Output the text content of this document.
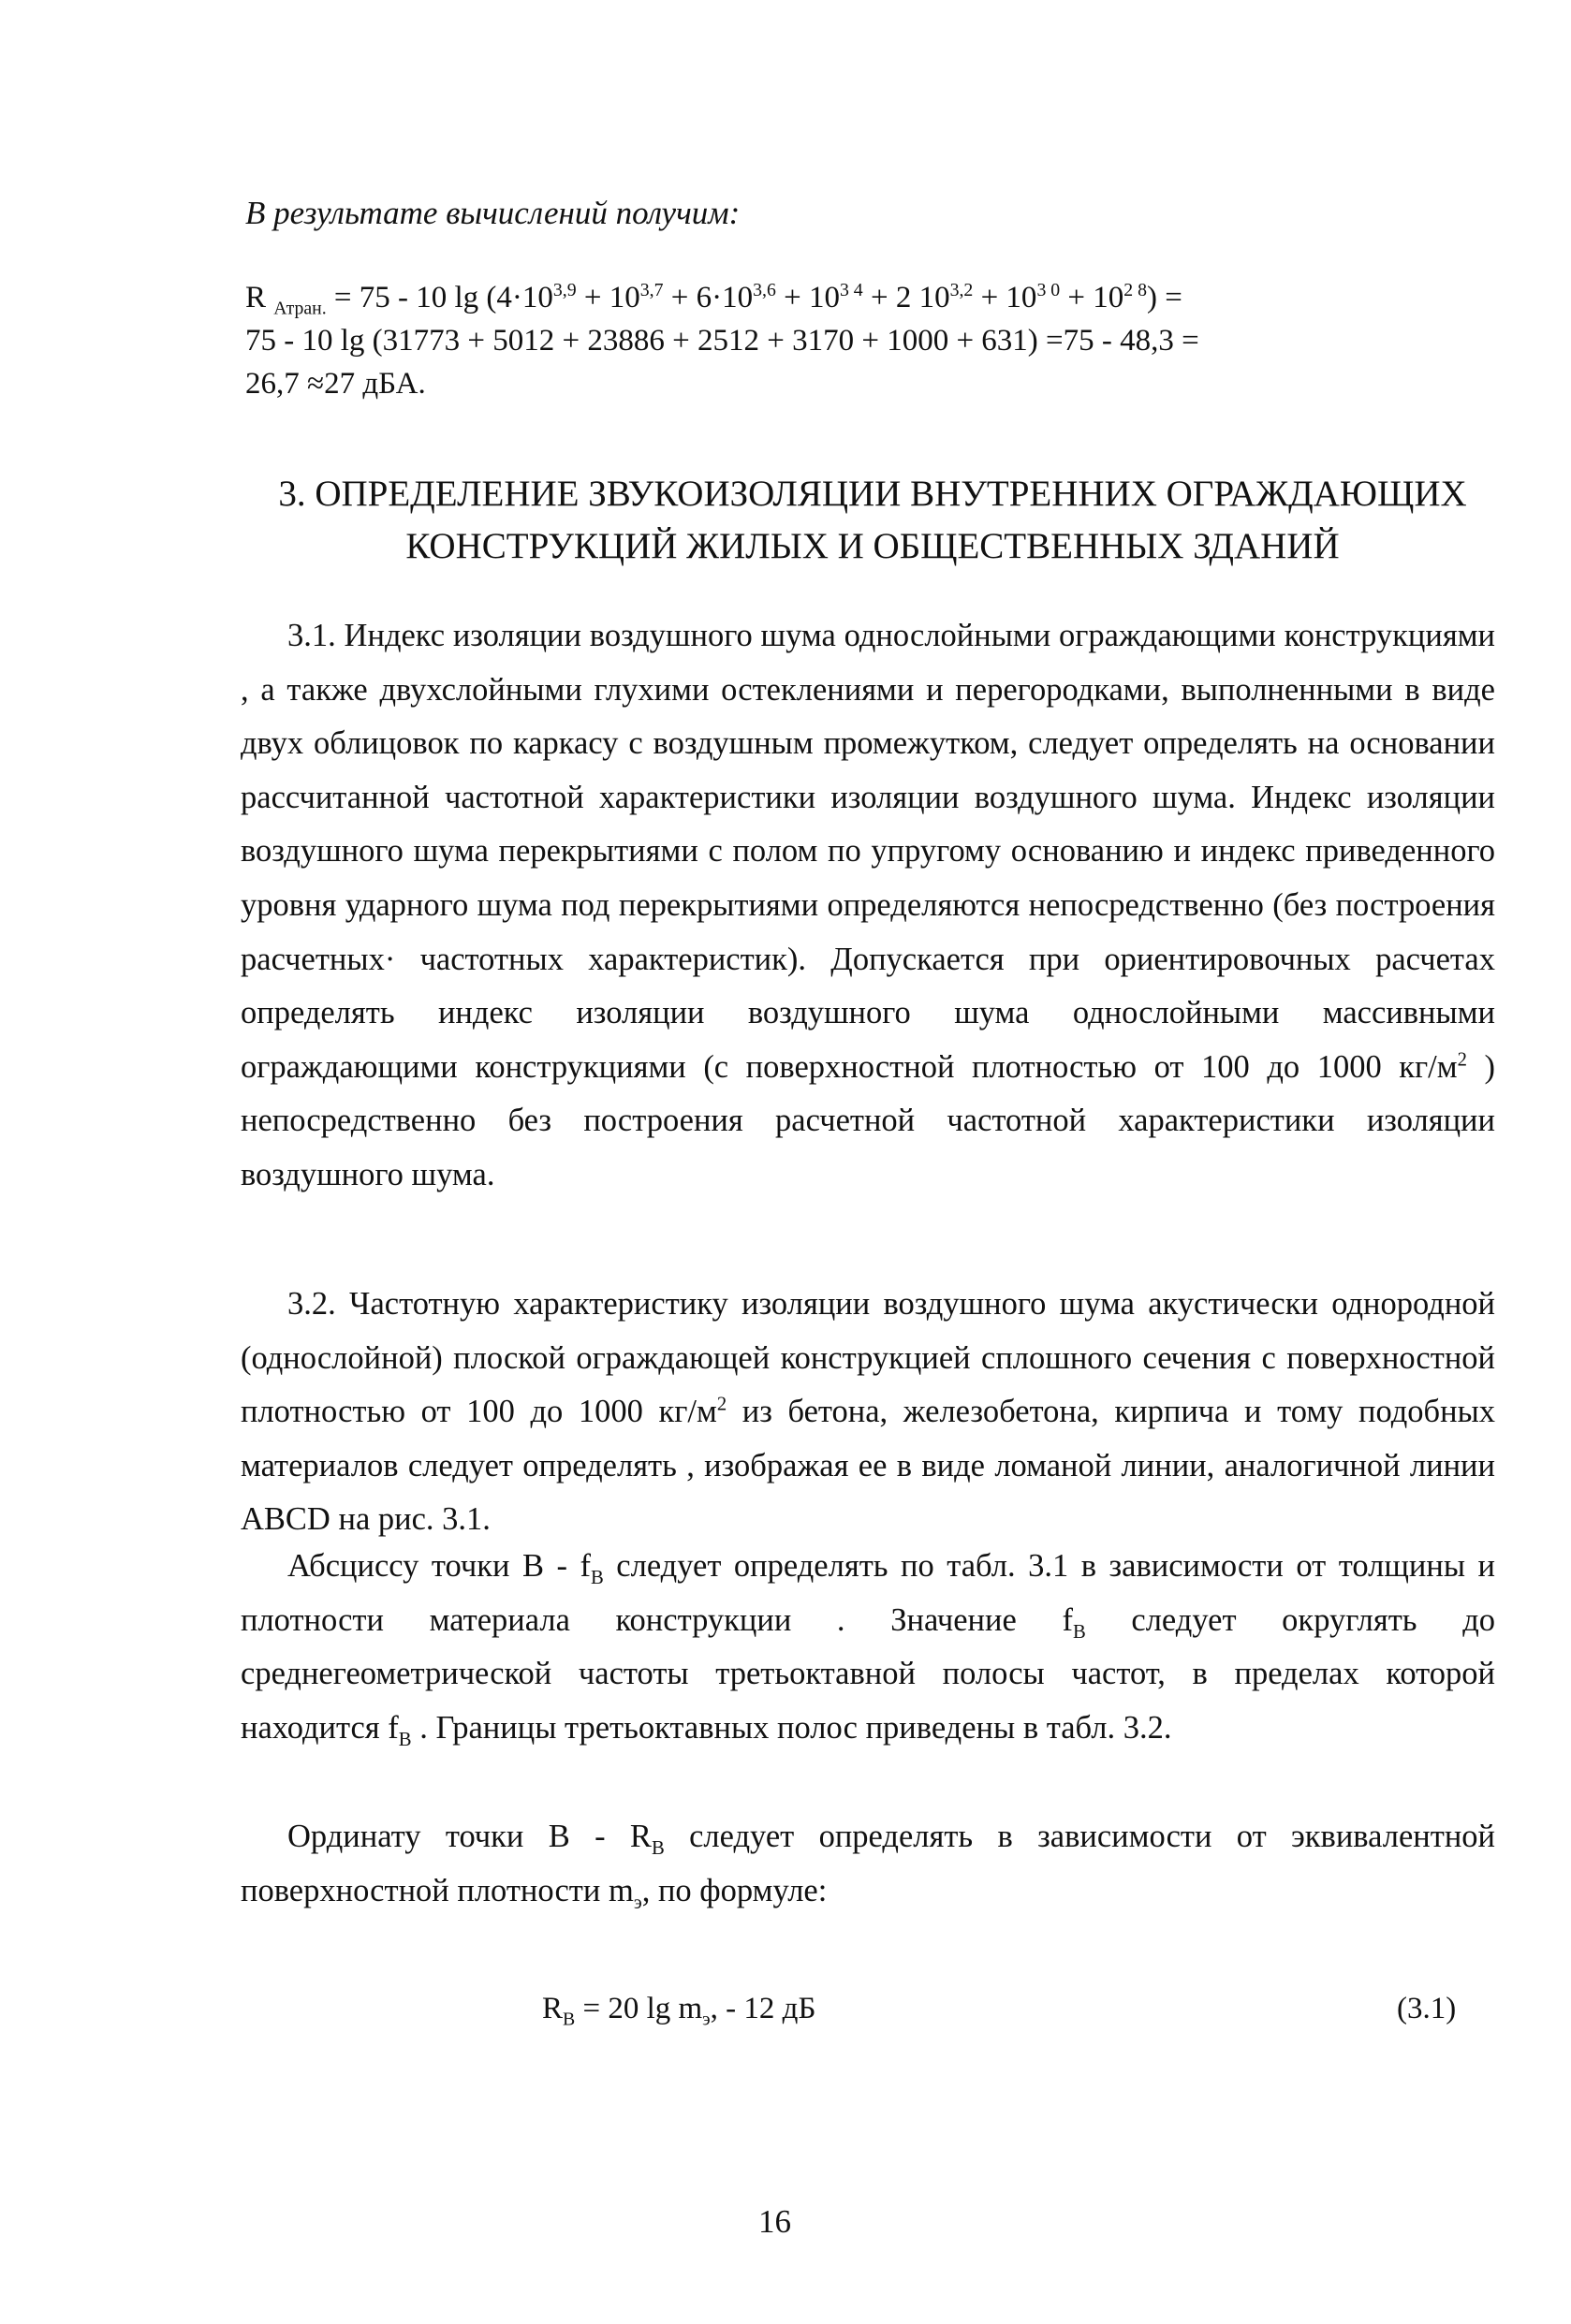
В результате вычислений получим:
R $_{Атран.}$ = 75 - 10 $\lg (4\cdot 10^{3,9} + 10^{3,7} + 6\cdot 10^{3,6} + 10^{3 4} + 2$ $10^{3,2} + 10^{3 0} + 10^{2 8}$) =
75 - 10 lg (31773 + 5012 + 23886 + 2512 + 3170 + 1000 + 631) =75 - 48,3 =
26,7 ≈27 дБА.
3. ОПРЕДЕЛЕНИЕ ЗВУКОИЗОЛЯЦИИ ВНУТРЕННИХ ОГРАЖДАЮЩИХ
КОНСТРУКЦИЙ ЖИЛЫХ И ОБЩЕСТВЕННЫХ ЗДАНИЙ
3.1. Индекс изоляции воздушного шума однослойными ограждающими конструкциями , а также двухслойными глухими остеклениями и перегородками, выполненными в виде двух облицовок по каркасу с воздушным промежутком, следует определять на основании рассчитанной частотной характеристики изоляции воздушного шума. Индекс изоляции воздушного шума перекрытиями с полом по упругому основанию и индекс приведенного уровня ударного шума под перекрытиями определяются непосредственно (без построения расчетных· частотных характеристик). Допускается при ориентировочных расчетах определять индекс изоляции воздушного шума однослойными массивными ограждающими конструкциями (с поверхностной плотностью от 100 до 1000 $кг/м^2$ ) непосредственно без построения расчетной частотной характеристики изоляции воздушного шума.
3.2. Частотную характеристику изоляции воздушного шума акустически однородной (однослойной) плоской ограждающей конструкцией сплошного сечения с поверхностной плотностью от 100 до 1000 $кг/м^2$ из бетона, железобетона, кирпича и тому подобных материалов следует определять , изображая ее в виде ломаной линии, аналогичной линии ABCD на рис. 3.1.
Абсциссу точки B - $f_B$ следует определять по табл. 3.1 в зависимости от толщины и плотности материала конструкции . Значение $f_B$ следует округлять до среднегеометрической частоты третьоктавной полосы частот, в пределах которой находится $f_B$ . Границы третьоктавных полос приведены в табл. 3.2.
Ординату точки B - $R_B$ следует определять в зависимости от эквивалентной поверхностной плотности $m_э$, по формуле:
$R_B = 20$ $\lg m_э$, - 12 дБ	(3.1)
16
